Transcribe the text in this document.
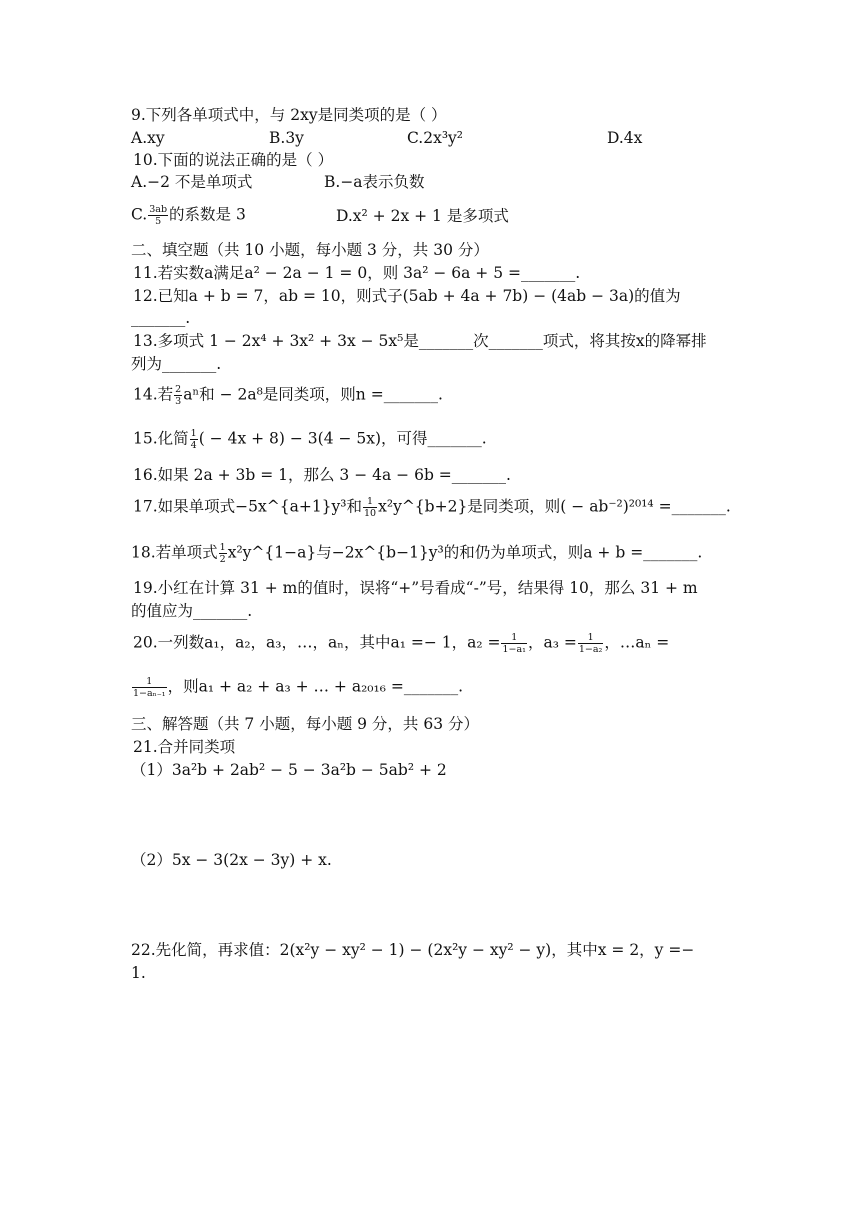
9.下列各单项式中，与 2xy是同类项的是（ ）
A.xy	B.3y	C.2x³y²	D.4x
10.下面的说法正确的是（ ）
A.−2 不是单项式	B.−a表示负数
C. $\frac{3ab}{5}$ 的系数是 3	D.x² + 2x + 1 是多项式
二、填空题（共 10 小题，每小题 3 分，共 30 分）
11.若实数a满足a² − 2a − 1 = 0，则 3a² − 6a + 5 =_______.
12.已知a + b = 7，ab = 10，则式子(5ab + 4a + 7b) − (4ab − 3a)的值为
_______.
13.多项式 1 − 2x⁴ + 3x² + 3x − 5x⁵是_______次_______项式，将其按x的降幂排
列为_______.
14.若 $\frac{2}{3}$ aⁿ和 − 2a⁸是同类项，则n =_______.
15.化简 $\frac{1}{4}$ ( − 4x + 8) − 3(4 − 5x)，可得_______.
16.如果 2a + 3b = 1，那么 3 − 4a − 6b =_______.
17.如果单项式−5x^{a+1}y³和 $\frac{1}{10}$ x²y^{b+2}是同类项，则( − ab⁻²)²⁰¹⁴ =_______.
18.若单项式 $\frac{1}{2}$ x²y^{1−a}与−2x^{b−1}y³的和仍为单项式，则a + b =_______.
19.小红在计算 31 + m的值时，误将“+”号看成“-”号，结果得 10，那么 31 + m
的值应为_______.
20.一列数a₁，a₂，a₃，…，aₙ，其中a₁ =− 1，$a_2 = \frac{1}{\text{1−a₁}}$ ，$a_3 = \frac{1}{\text{1−a₂}}$ ，…aₙ =
$\frac{1}{\text{1−aₙ₋₁}}$ ，则a₁ + a₂ + a₃ + … + a₂₀₁₆ =_______.
三、解答题（共 7 小题，每小题 9 分，共 63 分）
21.合并同类项
（1）3a²b + 2ab² − 5 − 3a²b − 5ab² + 2
（2）5x − 3(2x − 3y) + x.
22.先化简，再求值：2(x²y − xy² − 1) − (2x²y − xy² − y)，其中x = 2，y =−
1.
